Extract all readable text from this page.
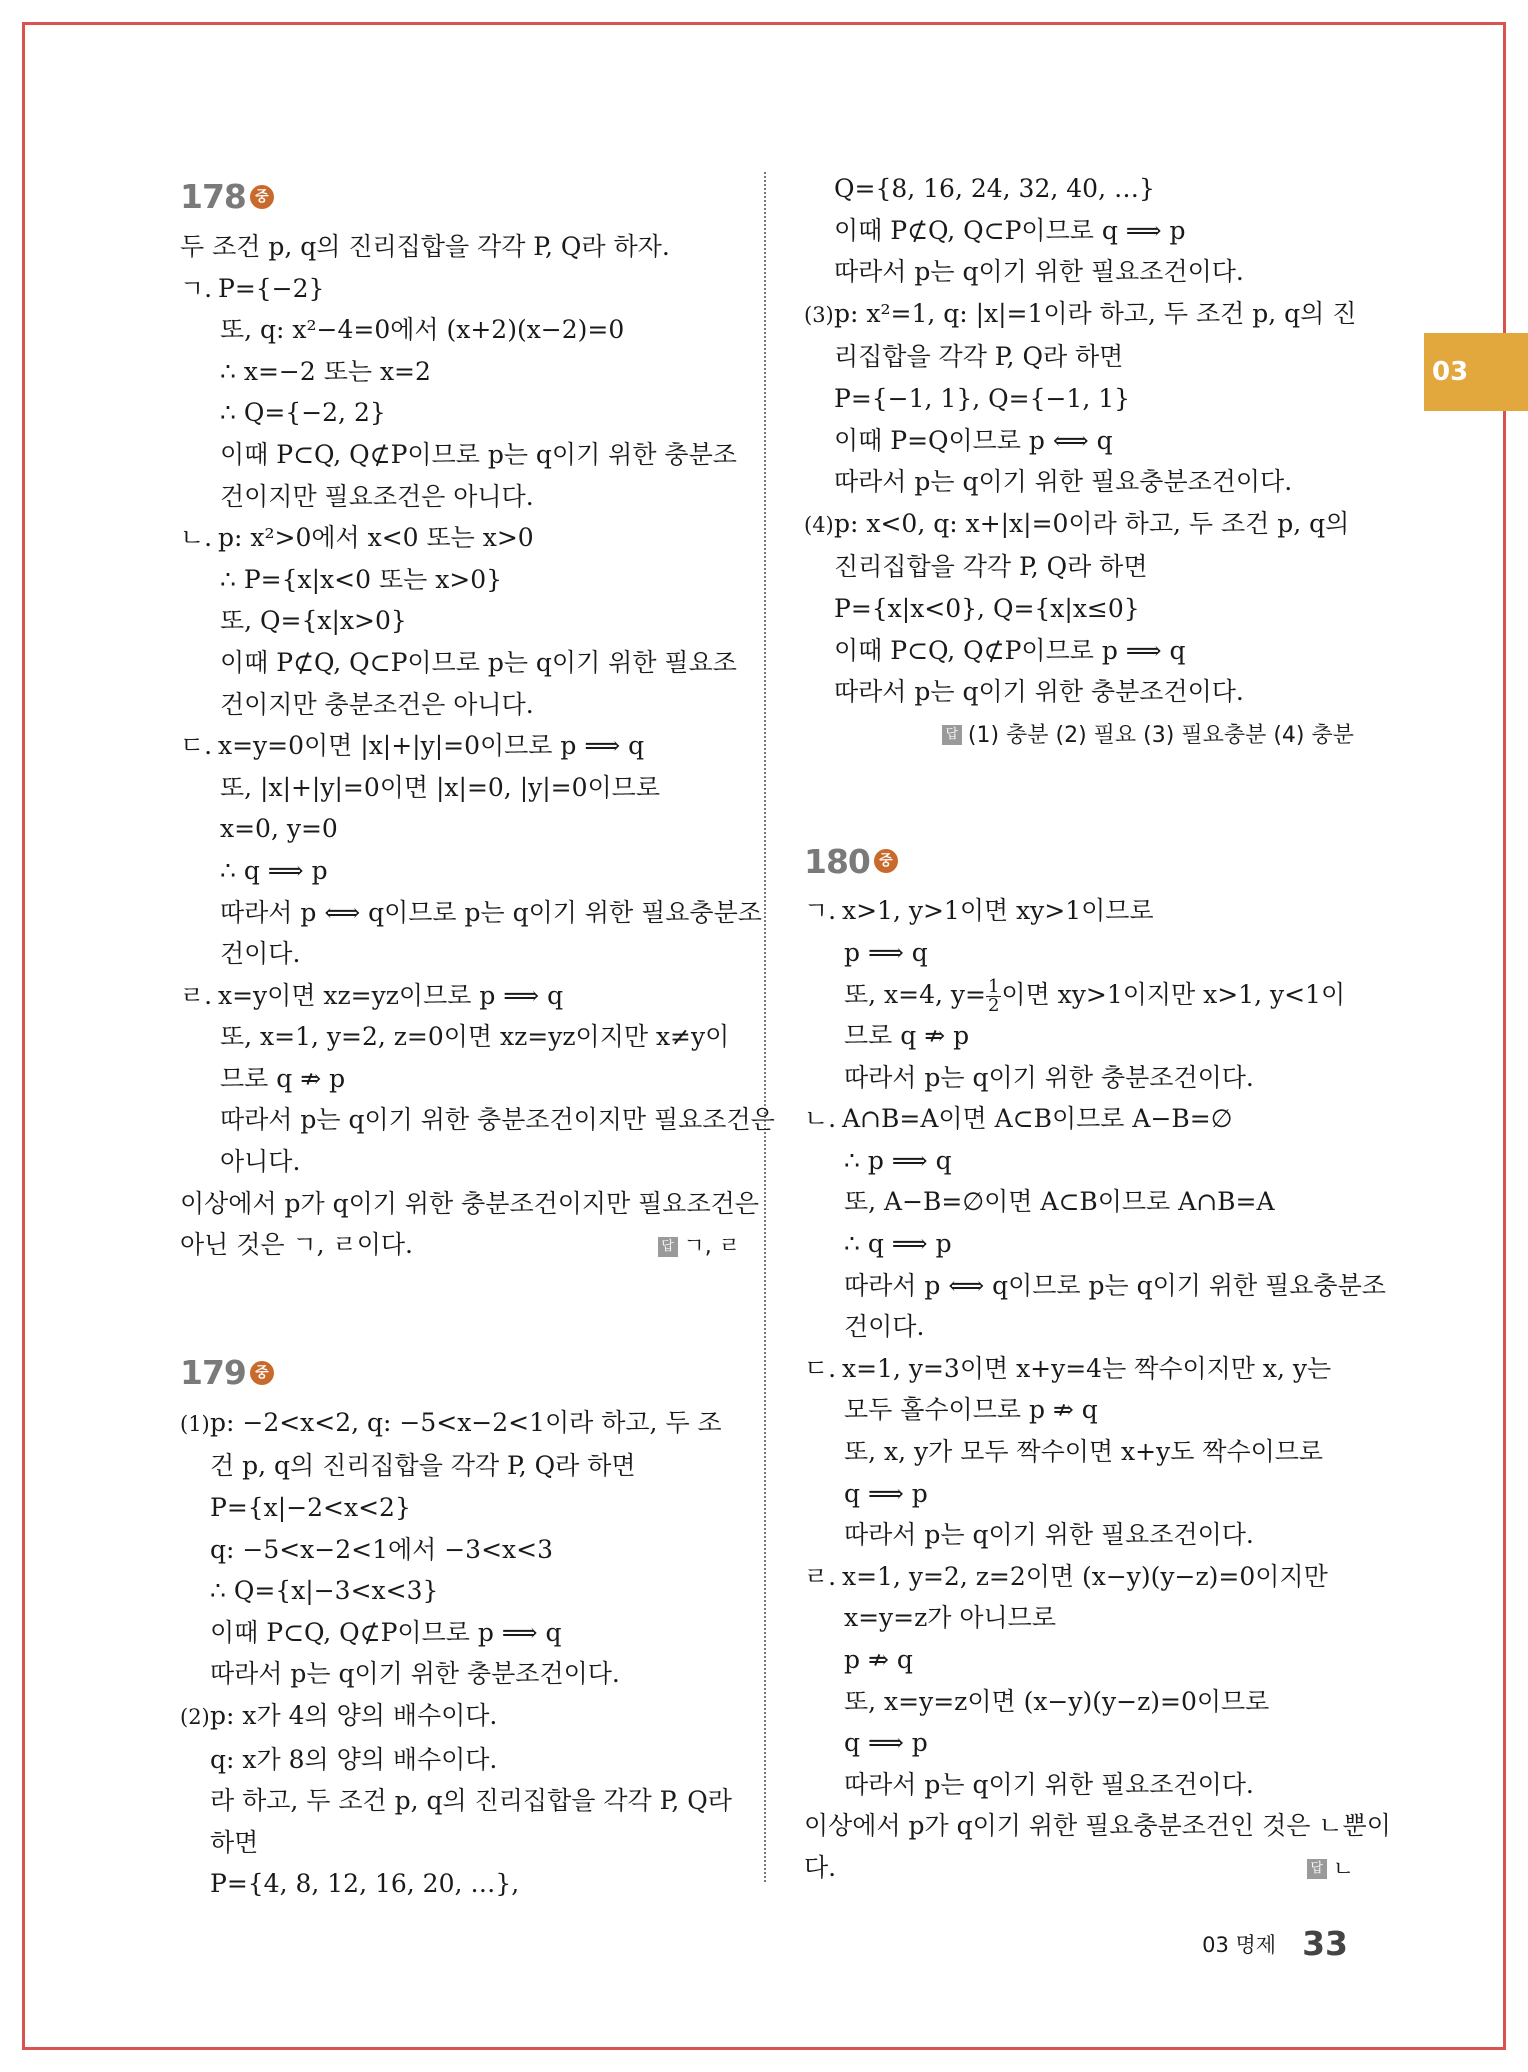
03
178 중
두 조건 p, q의 진리집합을 각각 P, Q라 하자.
ㄱ. P={−2}
또, q: x²−4=0에서 (x+2)(x−2)=0
∴ x=−2 또는 x=2
∴ Q={−2, 2}
이때 P⊂Q, Q⊄P이므로 p는 q이기 위한 충분조
건이지만 필요조건은 아니다.
ㄴ. p: x²>0에서 x<0 또는 x>0
∴ P={x|x<0 또는 x>0}
또, Q={x|x>0}
이때 P⊄Q, Q⊂P이므로 p는 q이기 위한 필요조
건이지만 충분조건은 아니다.
ㄷ. x=y=0이면 |x|+|y|=0이므로 p ⟹ q
또, |x|+|y|=0이면 |x|=0, |y|=0이므로
x=0, y=0
∴ q ⟹ p
따라서 p ⟺ q이므로 p는 q이기 위한 필요충분조
건이다.
ㄹ. x=y이면 xz=yz이므로 p ⟹ q
또, x=1, y=2, z=0이면 xz=yz이지만 x≠y이
므로 q ⇏ p
따라서 p는 q이기 위한 충분조건이지만 필요조건은
아니다.
이상에서 p가 q이기 위한 충분조건이지만 필요조건은
아닌 것은 ㄱ, ㄹ이다.	답 ㄱ, ㄹ
179 중
(1)p: −2<x<2, q: −5<x−2<1이라 하고, 두 조
건 p, q의 진리집합을 각각 P, Q라 하면
P={x|−2<x<2}
q: −5<x−2<1에서 −3<x<3
∴ Q={x|−3<x<3}
이때 P⊂Q, Q⊄P이므로 p ⟹ q
따라서 p는 q이기 위한 충분조건이다.
(2)p: x가 4의 양의 배수이다.
q: x가 8의 양의 배수이다.
라 하고, 두 조건 p, q의 진리집합을 각각 P, Q라
하면
P={4, 8, 12, 16, 20, …},
Q={8, 16, 24, 32, 40, …}
이때 P⊄Q, Q⊂P이므로 q ⟹ p
따라서 p는 q이기 위한 필요조건이다.
(3)p: x²=1, q: |x|=1이라 하고, 두 조건 p, q의 진
리집합을 각각 P, Q라 하면
P={−1, 1}, Q={−1, 1}
이때 P=Q이므로 p ⟺ q
따라서 p는 q이기 위한 필요충분조건이다.
(4)p: x<0, q: x+|x|=0이라 하고, 두 조건 p, q의
진리집합을 각각 P, Q라 하면
P={x|x<0}, Q={x|x≤0}
이때 P⊂Q, Q⊄P이므로 p ⟹ q
따라서 p는 q이기 위한 충분조건이다.
답 (1) 충분 (2) 필요 (3) 필요충분 (4) 충분
180 중
ㄱ. x>1, y>1이면 xy>1이므로
p ⟹ q
또, x=4, $y= \frac{1}{2}$ 이면 xy>1이지만 x>1, y<1이
므로 q ⇏ p
따라서 p는 q이기 위한 충분조건이다.
ㄴ. A∩B=A이면 A⊂B이므로 A−B=∅
∴ p ⟹ q
또, A−B=∅이면 A⊂B이므로 A∩B=A
∴ q ⟹ p
따라서 p ⟺ q이므로 p는 q이기 위한 필요충분조
건이다.
ㄷ. x=1, y=3이면 x+y=4는 짝수이지만 x, y는
모두 홀수이므로 p ⇏ q
또, x, y가 모두 짝수이면 x+y도 짝수이므로
q ⟹ p
따라서 p는 q이기 위한 필요조건이다.
ㄹ. x=1, y=2, z=2이면 (x−y)(y−z)=0이지만
x=y=z가 아니므로
p ⇏ q
또, x=y=z이면 (x−y)(y−z)=0이므로
q ⟹ p
따라서 p는 q이기 위한 필요조건이다.
이상에서 p가 q이기 위한 필요충분조건인 것은 ㄴ뿐이
다.	답 ㄴ
03 명제 33
